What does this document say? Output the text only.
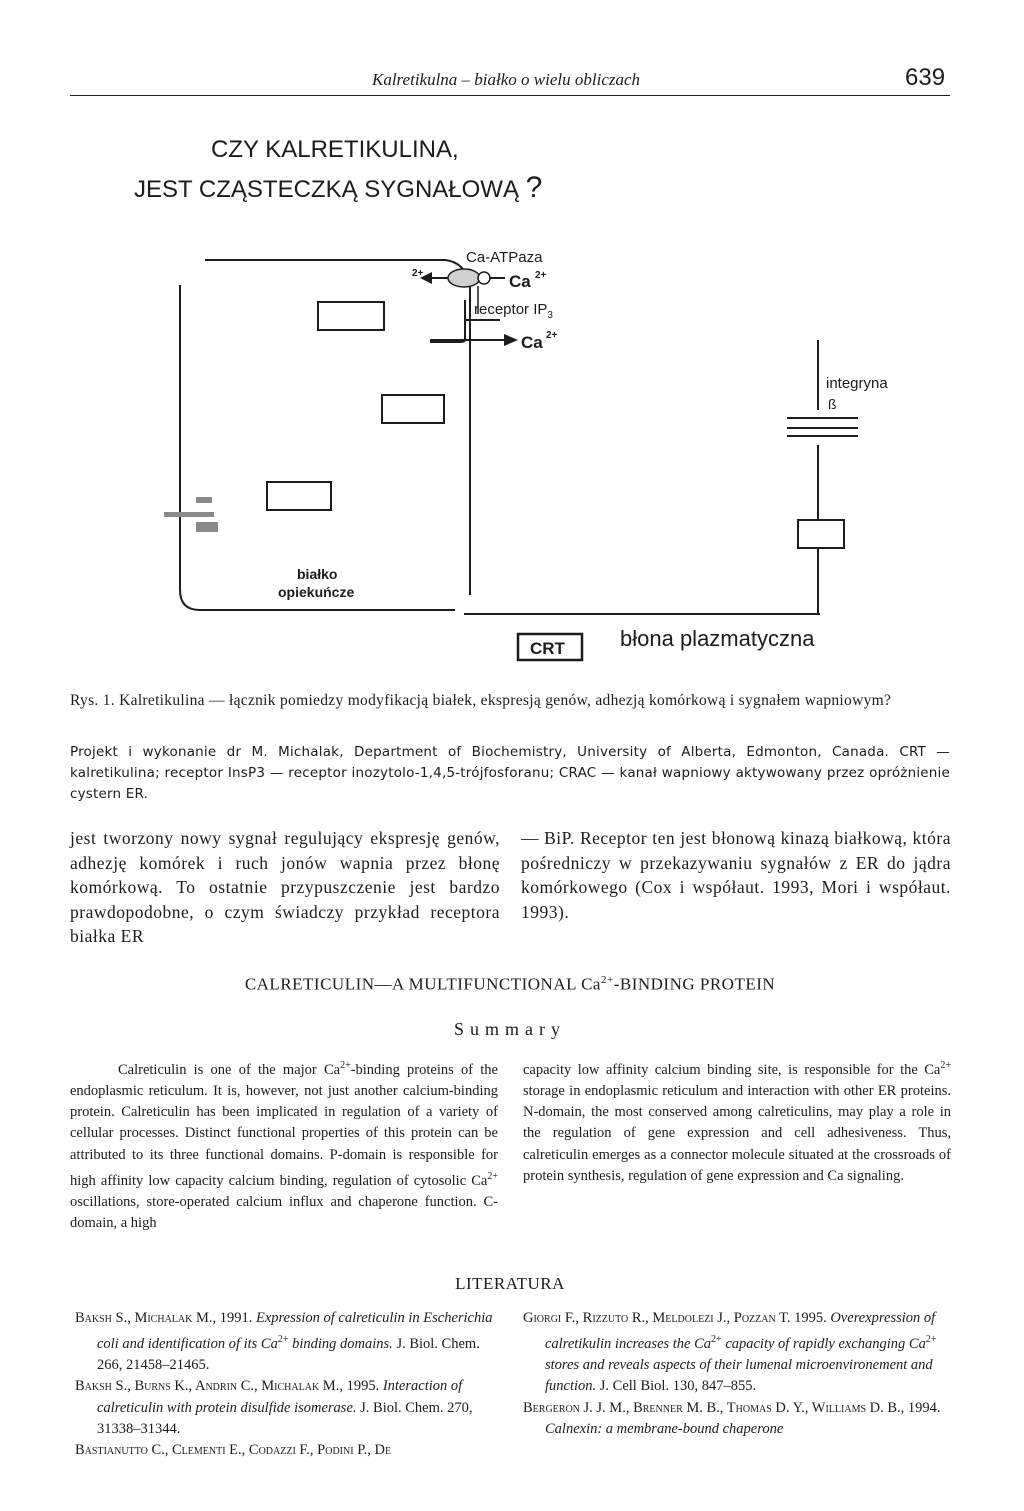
Kalretikulna – białko o wielu obliczach	639
CZY KALRETIKULINA,
JEST CZĄSTECZKĄ SYGNAŁOWĄ ?
Ca-ATPaza
2+	Ca 2+
receptor $IP_3$
Ca 2+
integryna
ß
białko
opiekuńcze
CRT	błona plazmatyczna
Rys. 1. Kalretikulina — łącznik pomiedzy modyfikacją białek, ekspresją genów, adhezją komórkową i sygnałem wapniowym?
Projekt i wykonanie dr M. Michalak, Department of Biochemistry, University of Alberta, Edmonton, Canada. CRT — kalretikulina; receptor InsP3 — receptor inozytolo-1,4,5-trójfosforanu; CRAC — kanał wapniowy aktywowany przez opróżnienie cystern ER.
jest tworzony nowy sygnał regulujący ekspresję genów, adhezję komórek i ruch jonów wapnia przez błonę komórkową. To ostatnie przypuszczenie jest bardzo prawdopodobne, o czym świadczy przykład receptora białka ER
— BiP. Receptor ten jest błonową kinazą białkową, która pośredniczy w przekazywaniu sygnałów z ER do jądra komórkowego (Cox i współaut. 1993, Mori i współaut. 1993).
CALRETICULIN—A MULTIFUNCTIONAL $Ca^{2+}$-BINDING PROTEIN
Summary
Calreticulin is one of the major $Ca^{2+}$-binding proteins of the endoplasmic reticulum. It is, however, not just another calcium-binding protein. Calreticulin has been implicated in regulation of a variety of cellular processes. Distinct functional properties of this protein can be attributed to its three functional domains. P-domain is responsible for high affinity low capacity calcium binding, regulation of cytosolic $Ca^{2+}$ oscillations, store-operated calcium influx and chaperone function. C-domain, a high
capacity low affinity calcium binding site, is responsible for the $Ca^{2+}$ storage in endoplasmic reticulum and interaction with other ER proteins. N-domain, the most conserved among calreticulins, may play a role in the regulation of gene expression and cell adhesiveness. Thus, calreticulin emerges as a connector molecule situated at the crossroads of protein synthesis, regulation of gene expression and Ca signaling.
LITERATURA

Baksh S., Michalak M., 1991. Expression of calreticulin in Escherichia coli and identification of its $Ca^{2+}$ binding domains. J. Biol. Chem. 266, 21458–21465.

Baksh S., Burns K., Andrin C., Michalak M., 1995. Interaction of calreticulin with protein disulfide isomerase. J. Biol. Chem. 270, 31338–31344.

Bastianutto C., Clementi E., Codazzi F., Podini P., De

Giorgi F., Rizzuto R., Meldolezi J., Pozzan T. 1995. Overexpression of calretikulin increases the $Ca^{2+}$ capacity of rapidly exchanging $Ca^{2+}$ stores and reveals aspects of their lumenal microenvironement and function. J. Cell Biol. 130, 847–855.

Bergeron J. J. M., Brenner M. B., Thomas D. Y., Williams D. B., 1994. Calnexin: a membrane-bound chaperone
